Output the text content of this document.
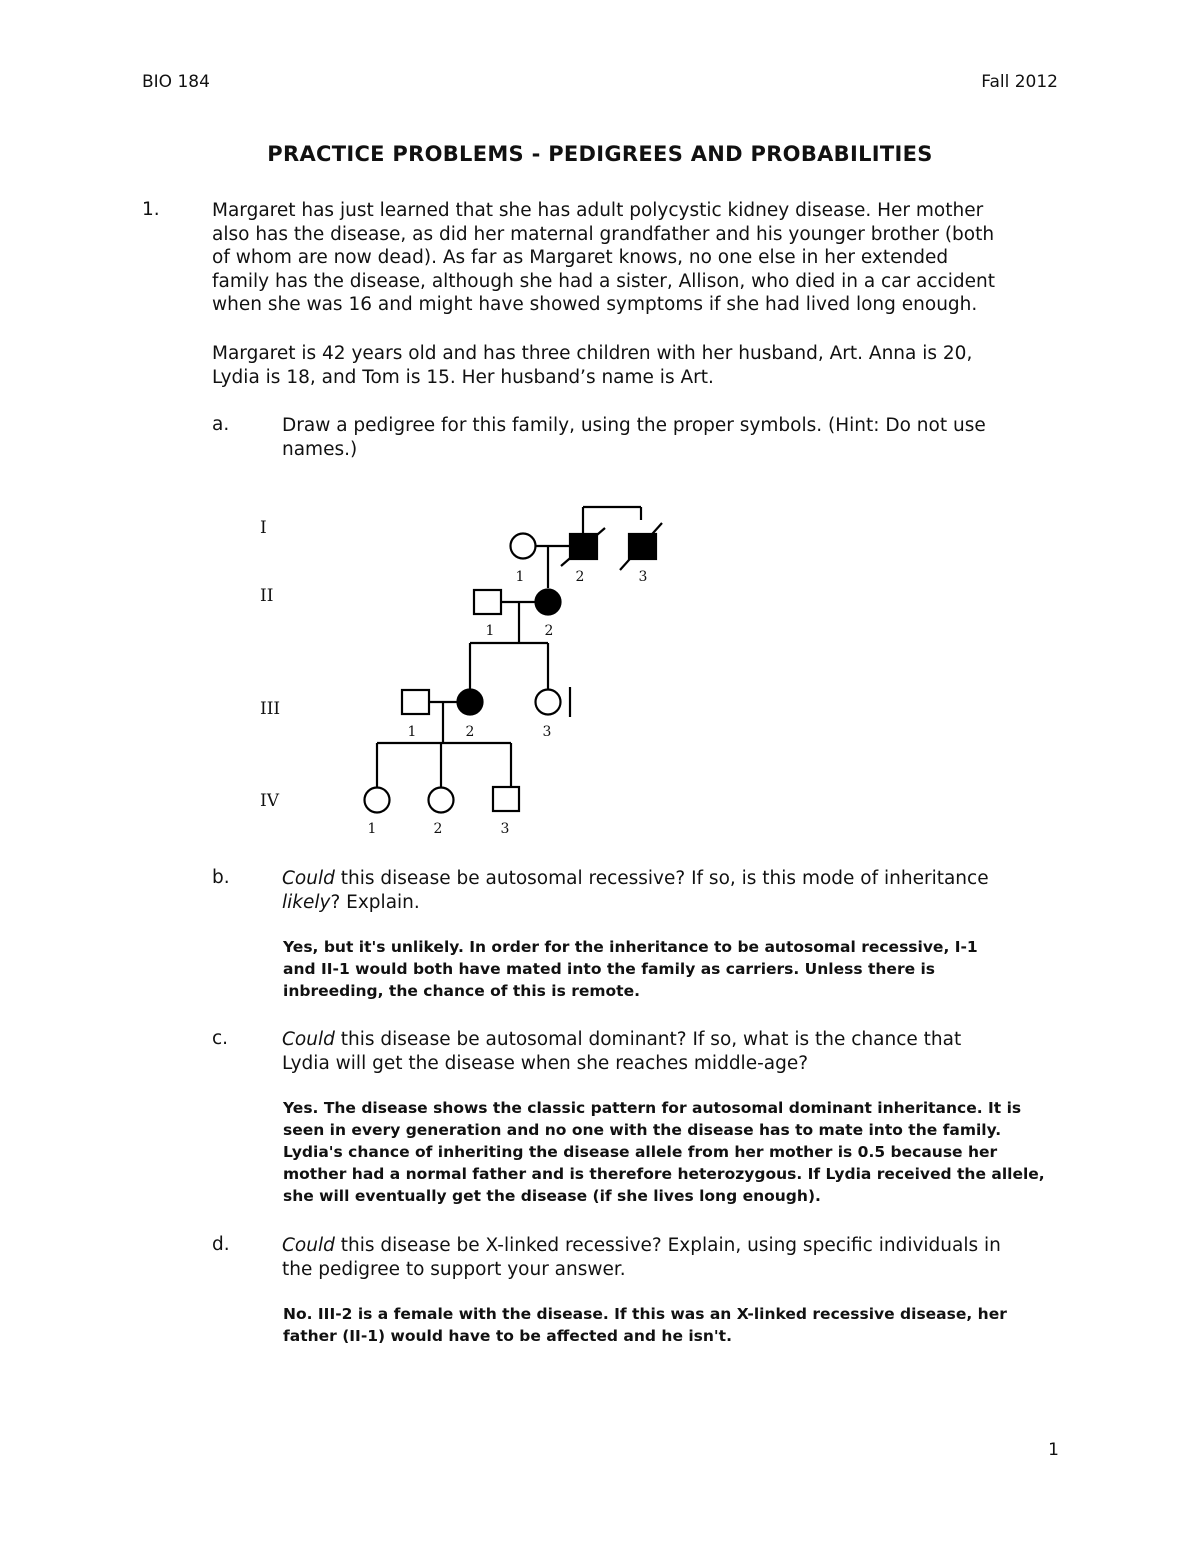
BIO 184	Fall 2012
PRACTICE PROBLEMS - PEDIGREES AND PROBABILITIES
1.	Margaret has just learned that she has adult polycystic kidney disease. Her mother
also has the disease, as did her maternal grandfather and his younger brother (both
of whom are now dead). As far as Margaret knows, no one else in her extended
family has the disease, although she had a sister, Allison, who died in a car accident
when she was 16 and might have showed symptoms if she had lived long enough.
Margaret is 42 years old and has three children with her husband, Art. Anna is 20,
Lydia is 18, and Tom is 15. Her husband’s name is Art.
a.	Draw a pedigree for this family, using the proper symbols. (Hint: Do not use
names.)
I
II
III
IV
1	2	3
1	2
1	2	3
1	2	3
b.	Could this disease be autosomal recessive? If so, is this mode of inheritance
likely? Explain.
Yes, but it's unlikely. In order for the inheritance to be autosomal recessive, I-1
and II-1 would both have mated into the family as carriers. Unless there is
inbreeding, the chance of this is remote.
c.	Could this disease be autosomal dominant? If so, what is the chance that
Lydia will get the disease when she reaches middle-age?
Yes. The disease shows the classic pattern for autosomal dominant inheritance. It is
seen in every generation and no one with the disease has to mate into the family.
Lydia's chance of inheriting the disease allele from her mother is 0.5 because her
mother had a normal father and is therefore heterozygous. If Lydia received the allele,
she will eventually get the disease (if she lives long enough).
d.	Could this disease be X-linked recessive? Explain, using specific individuals in
the pedigree to support your answer.
No. III-2 is a female with the disease. If this was an X-linked recessive disease, her
father (II-1) would have to be affected and he isn't.
1
